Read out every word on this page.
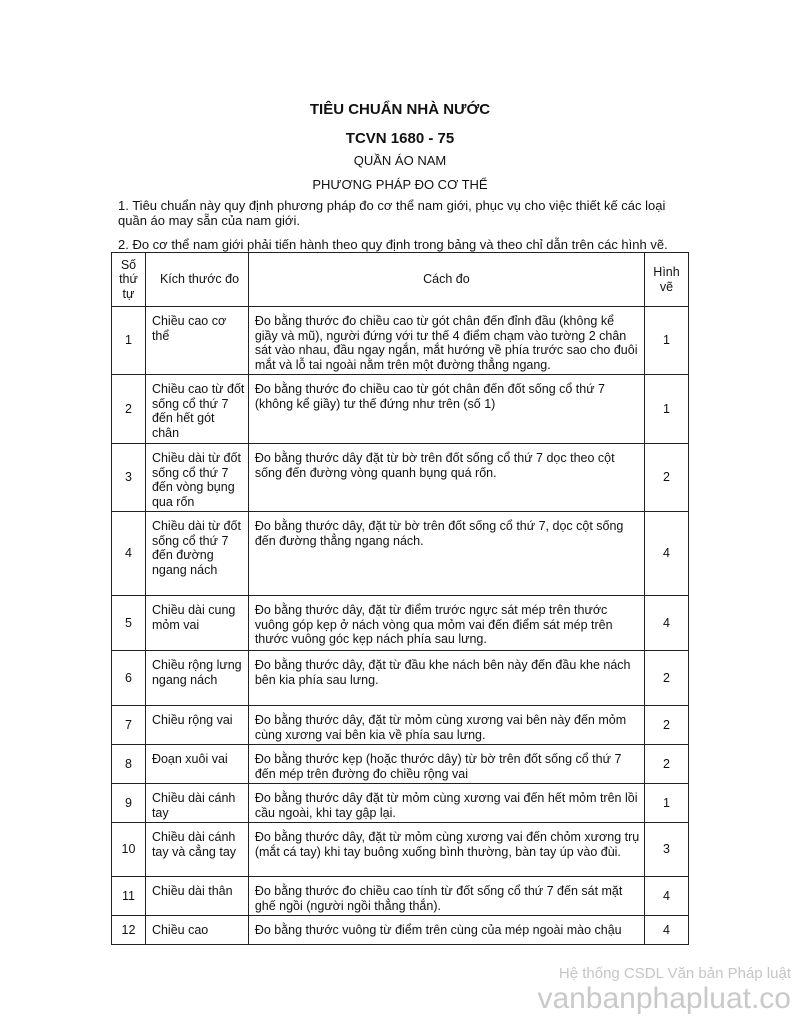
TIÊU CHUẨN NHÀ NƯỚC
TCVN 1680 - 75
QUẦN ÁO NAM
PHƯƠNG PHÁP ĐO CƠ THỂ
1. Tiêu chuẩn này quy định phương pháp đo cơ thể nam giới, phục vụ cho việc thiết kế các loại quần áo may sẵn của nam giới.
2. Đo cơ thể nam giới phải tiến hành theo quy định trong bảng và theo chỉ dẫn trên các hình vẽ.
Số thứ tự	Kích thước đo	Cách đo	Hình vẽ
1	Chiều cao cơ thể	Đo bằng thước đo chiều cao từ gót chân đến đỉnh đầu (không kể giầy và mũ), người đứng với tư thế 4 điểm chạm vào tường 2 chân sát vào nhau, đầu ngay ngắn, mắt hướng về phía trước sao cho đuôi mắt và lỗ tai ngoài nằm trên một đường thẳng ngang.	1
2	Chiều cao từ đốt sống cổ thứ 7 đến hết gót chân	Đo bằng thước đo chiều cao từ gót chân đến đốt sống cổ thứ 7 (không kể giầy) tư thế đứng như trên (số 1)	1
3	Chiều dài từ đốt sống cổ thứ 7 đến vòng bụng qua rốn	Đo bằng thước dây đặt từ bờ trên đốt sống cổ thứ 7 dọc theo cột sống đến đường vòng quanh bụng quá rốn.	2
4	Chiều dài từ đốt sống cổ thứ 7 đến đường ngang nách	Đo bằng thước dây, đặt từ bờ trên đốt sống cổ thứ 7, dọc cột sống đến đường thẳng ngang nách.	4
5	Chiều dài cung mỏm vai	Đo bằng thước dây, đặt từ điểm trước ngực sát mép trên thước vuông góp kẹp ở nách vòng qua mỏm vai đến điểm sát mép trên thước vuông góc kẹp nách phía sau lưng.	4
6	Chiều rộng lưng ngang nách	Đo bằng thước dây, đặt từ đầu khe nách bên này đến đầu khe nách bên kia phía sau lưng.	2
7	Chiều rộng vai	Đo bằng thước dây, đặt từ mỏm cùng xương vai bên này đến mỏm cùng xương vai bên kia về phía sau lưng.	2
8	Đoạn xuôi vai	Đo bằng thước kẹp (hoặc thước dây) từ bờ trên đốt sống cổ thứ 7 đến mép trên đường đo chiều rộng vai	2
9	Chiều dài cánh tay	Đo bằng thước dây đặt từ mỏm cùng xương vai đến hết mỏm trên lồi cầu ngoài, khi tay gập lại.	1
10	Chiều dài cánh tay và cẳng tay	Đo bằng thước dây, đặt từ mỏm cùng xương vai đến chỏm xương trụ (mắt cá tay) khi tay buông xuống bình thường, bàn tay úp vào đùi.	3
11	Chiều dài thân	Đo bằng thước đo chiều cao tính từ đốt sống cổ thứ 7 đến sát mặt ghế ngồi (người ngồi thẳng thắn).	4
12	Chiều cao	Đo bằng thước vuông từ điểm trên cùng của mép ngoài mào chậu	4
Hệ thống CSDL Văn bản Pháp luật
vanbanphapluat.co
